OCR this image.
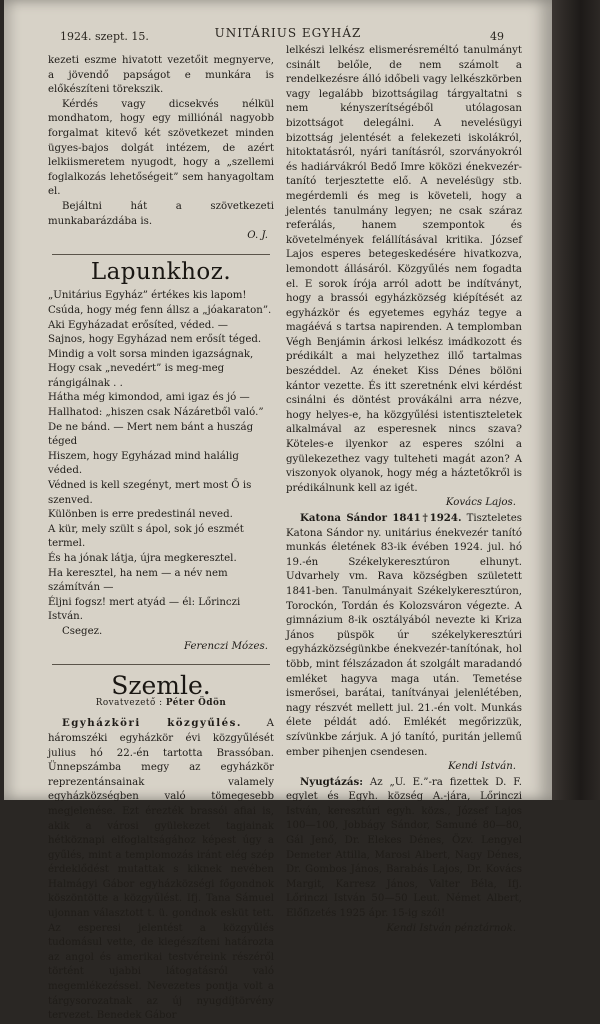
1924. szept. 15.	UNITÁRIUS EGYHÁZ	49

kezeti eszme hivatott vezetőit megnyerve, a jövendő papságot e munkára is előkészíteni törekszik.

Kérdés vagy dicsekvés nélkül mondhatom, hogy egy milliónál nagyobb forgalmat kitevő két szövetkezet minden ügyes-bajos dolgát intézem, de azért lelkiismeretem nyugodt, hogy a „szellemi foglalkozás lehetőségeit” sem hanyagoltam el.

Bejáltni hát a szövetkezeti munkabarázdába is.

O. J.

Lapunkhoz.

„Unitárius Egyház” értékes kis lapom!

Csúda, hogy még fenn állsz a „jóakaraton”.

Aki Egyházadat erősíted, véded. —

Sajnos, hogy Egyházad nem erősít téged.

Mindig a volt sorsa minden igazságnak,

Hogy csak „nevedért” is meg-meg rángigálnak . .

Hátha még kimondod, ami igaz és jó —

Hallhatod: „hiszen csak Názáretből való.”

De ne bánd. — Mert nem bánt a huszág téged

Hiszem, hogy Egyházad mind halálig véded.

Védned is kell szegényt, mert most Ő is szenved.

Különben is erre predestinál neved.

A kür, mely szült s ápol, sok jó eszmét termel.

És ha jónak látja, újra megkeresztel.

Ha keresztel, ha nem — a név nem számítván —

Éljni fogsz! mert atyád — él: Lőrinczi István.

Csegez.

Ferenczi Mózes.

Szemle.
Rovatvezető : Péter Ödön

Egyházköri közgyűlés. A háromszéki egyházkör évi közgyűlését julius hó 22.-én tartotta Brassóban. Ünnepszámba megy az egyházkör reprezentánsainak valamely egyházközségben való tömegesebb megjelenése. Ezt érezték brassói afiai is, akik a városi gyülekezet tagjainak hétköznapi elfoglaltságához képest úgy a gyűlés, mint a templomozás iránt elég szép érdeklődést mutattak s kiknek nevében Halmágyi Gábor egyházközségi főgondnok köszöntötte a közgyűlést. Ifj. Tana Sámuel ujonnan választott t. ü. gondnok esküt tett. Az esperesi jelentést a közgyűlés tudomásul vette, de kiegészíteni határozta az angol és amerikai testvéreink részéről történt ujabbi látogatásról való megemlékezéssel. Nevezetes pontja volt a tárgysorozatnak az új nyugdíjtörvény tervezet. Benedek Gábor

lelkészi lelkész elismerésreméltó tanulmányt csinált belőle, de nem számolt a rendelkezésre álló időbeli vagy lelkészkörben vagy legalább bizottságilag tárgyaltatni s nem kényszerítségéből utólagosan bizottságot delegálni. A nevelésügyi bizottság jelentését a felekezeti iskolákról, hitoktatásról, nyári tanításról, szorványokról és hadiárvákról Bedő Imre köközi énekvezér-tanító terjesztette elő. A nevelésügy stb. megérdemli és meg is követeli, hogy a jelentés tanulmány legyen; ne csak száraz referálás, hanem szempontok és követelmények felállításával kritika. József Lajos esperes betegeskedésére hivatkozva, lemondott állásáról. Közgyűlés nem fogadta el. E sorok írója arról adott be indítványt, hogy a brassói egyházközség kiépítését az egyházkör és egyetemes egyház tegye a magáévá s tartsa napirenden. A templomban Végh Benjámin árkosi lelkész imádkozott és prédikált a mai helyzethez illő tartalmas beszéddel. Az éneket Kiss Dénes bölöni kántor vezette. És itt szeretnénk elvi kérdést csinálni és döntést provákálni arra nézve, hogy helyes-e, ha közgyűlési istentiszteletek alkalmával az esperesnek nincs szava? Köteles-e ilyenkor az esperes szólni a gyülekezethez vagy tulteheti magát azon? A viszonyok olyanok, hogy még a háztetőkről is prédikálnunk kell az igét.

Kovács Lajos.

Katona Sándor 1841†1924. Tiszteletes Katona Sándor ny. unitárius énekvezér tanító munkás életének 83-ik évében 1924. jul. hó 19.-én Székelykeresztúron elhunyt. Udvarhely vm. Rava községben született 1841-ben. Tanulmányait Székelykeresztúron, Torockón, Tordán és Kolozsváron végezte. A gimnázium 8-ik osztályából nevezte ki Kriza János püspök úr székelykeresztúri egyházközségünkbe énekvezér-tanítónak, hol több, mint félszázadon át szolgált maradandó emléket hagyva maga után. Temetése ismerősei, barátai, tanítványai jelenlétében, nagy részvét mellett jul. 21.-én volt. Munkás élete példát adó. Emlékét megőrizzük, szívünkbe zárjuk. A jó tanító, puritán jellemű ember pihenjen csendesen.

Kendi István.

Nyugtázás: Az „U. E.”-ra fizettek D. F. egylet és Egyh. község A.-jára, Lőrinczi István, keresztúri egyh. közs., József Lajos 100—100, Jobbágy Sándor, Samuné 80—80, Gál Jenő, Dr. Elekes Dénes, Özv. Lengyel Demeter Attilla, Marosi Albert, Nagy Dénes, Dr. Gombos János, Barabás Lajos, Dr. Kovács Margit, Karresz János, Valter Béla, Ifj. Lőrinczi István 50—50 Leut. Német Albert, Előfizetés 1925 ápr. 15-ig szól!

Kendi István pénztárnok.
